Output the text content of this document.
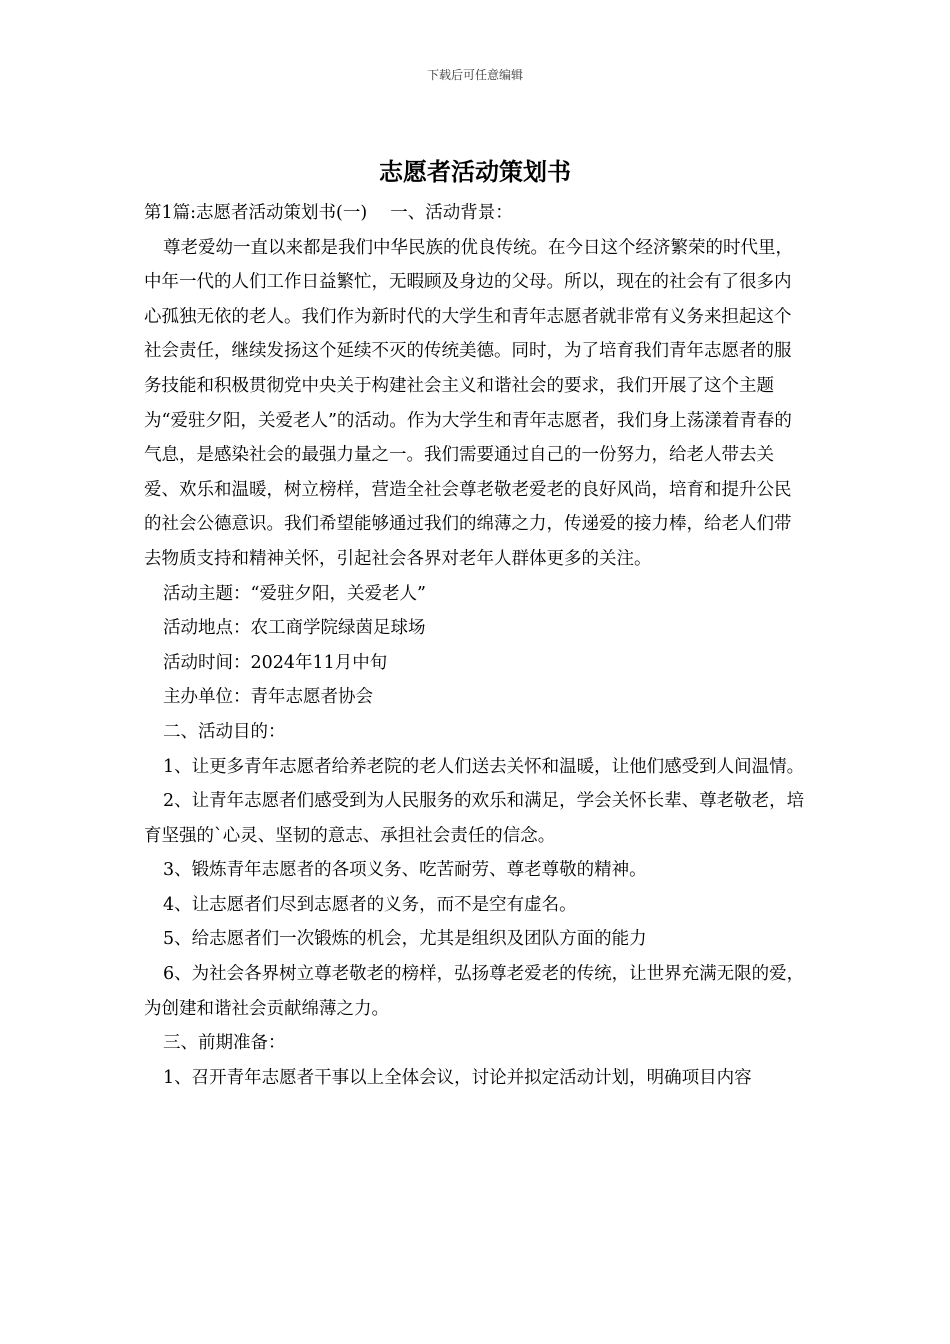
下载后可任意编辑
志愿者活动策划书

第1篇:志愿者活动策划书(一)　 一、活动背景：

尊老爱幼一直以来都是我们中华民族的优良传统。在今日这个经济繁荣的时代里，中年一代的人们工作日益繁忙，无暇顾及身边的父母。所以，现在的社会有了很多内心孤独无依的老人。我们作为新时代的大学生和青年志愿者就非常有义务来担起这个社会责任，继续发扬这个延续不灭的传统美德。同时，为了培育我们青年志愿者的服务技能和积极贯彻党中央关于构建社会主义和谐社会的要求，我们开展了这个主题为“爱驻夕阳，关爱老人”的活动。作为大学生和青年志愿者，我们身上荡漾着青春的气息，是感染社会的最强力量之一。我们需要通过自己的一份努力，给老人带去关爱、欢乐和温暖，树立榜样，营造全社会尊老敬老爱老的良好风尚，培育和提升公民的社会公德意识。我们希望能够通过我们的绵薄之力，传递爱的接力棒，给老人们带去物质支持和精神关怀，引起社会各界对老年人群体更多的关注。

活动主题：“爱驻夕阳，关爱老人”

活动地点：农工商学院绿茵足球场

活动时间：2024年11月中旬

主办单位：青年志愿者协会

二、活动目的：

1、让更多青年志愿者给养老院的老人们送去关怀和温暖，让他们感受到人间温情。

2、让青年志愿者们感受到为人民服务的欢乐和满足，学会关怀长辈、尊老敬老，培育坚强的`心灵、坚韧的意志、承担社会责任的信念。

3、锻炼青年志愿者的各项义务、吃苦耐劳、尊老尊敬的精神。

4、让志愿者们尽到志愿者的义务，而不是空有虚名。

5、给志愿者们一次锻炼的机会，尤其是组织及团队方面的能力

6、为社会各界树立尊老敬老的榜样，弘扬尊老爱老的传统，让世界充满无限的爱，为创建和谐社会贡献绵薄之力。

三、前期准备：

1、召开青年志愿者干事以上全体会议，讨论并拟定活动计划，明确项目内容
